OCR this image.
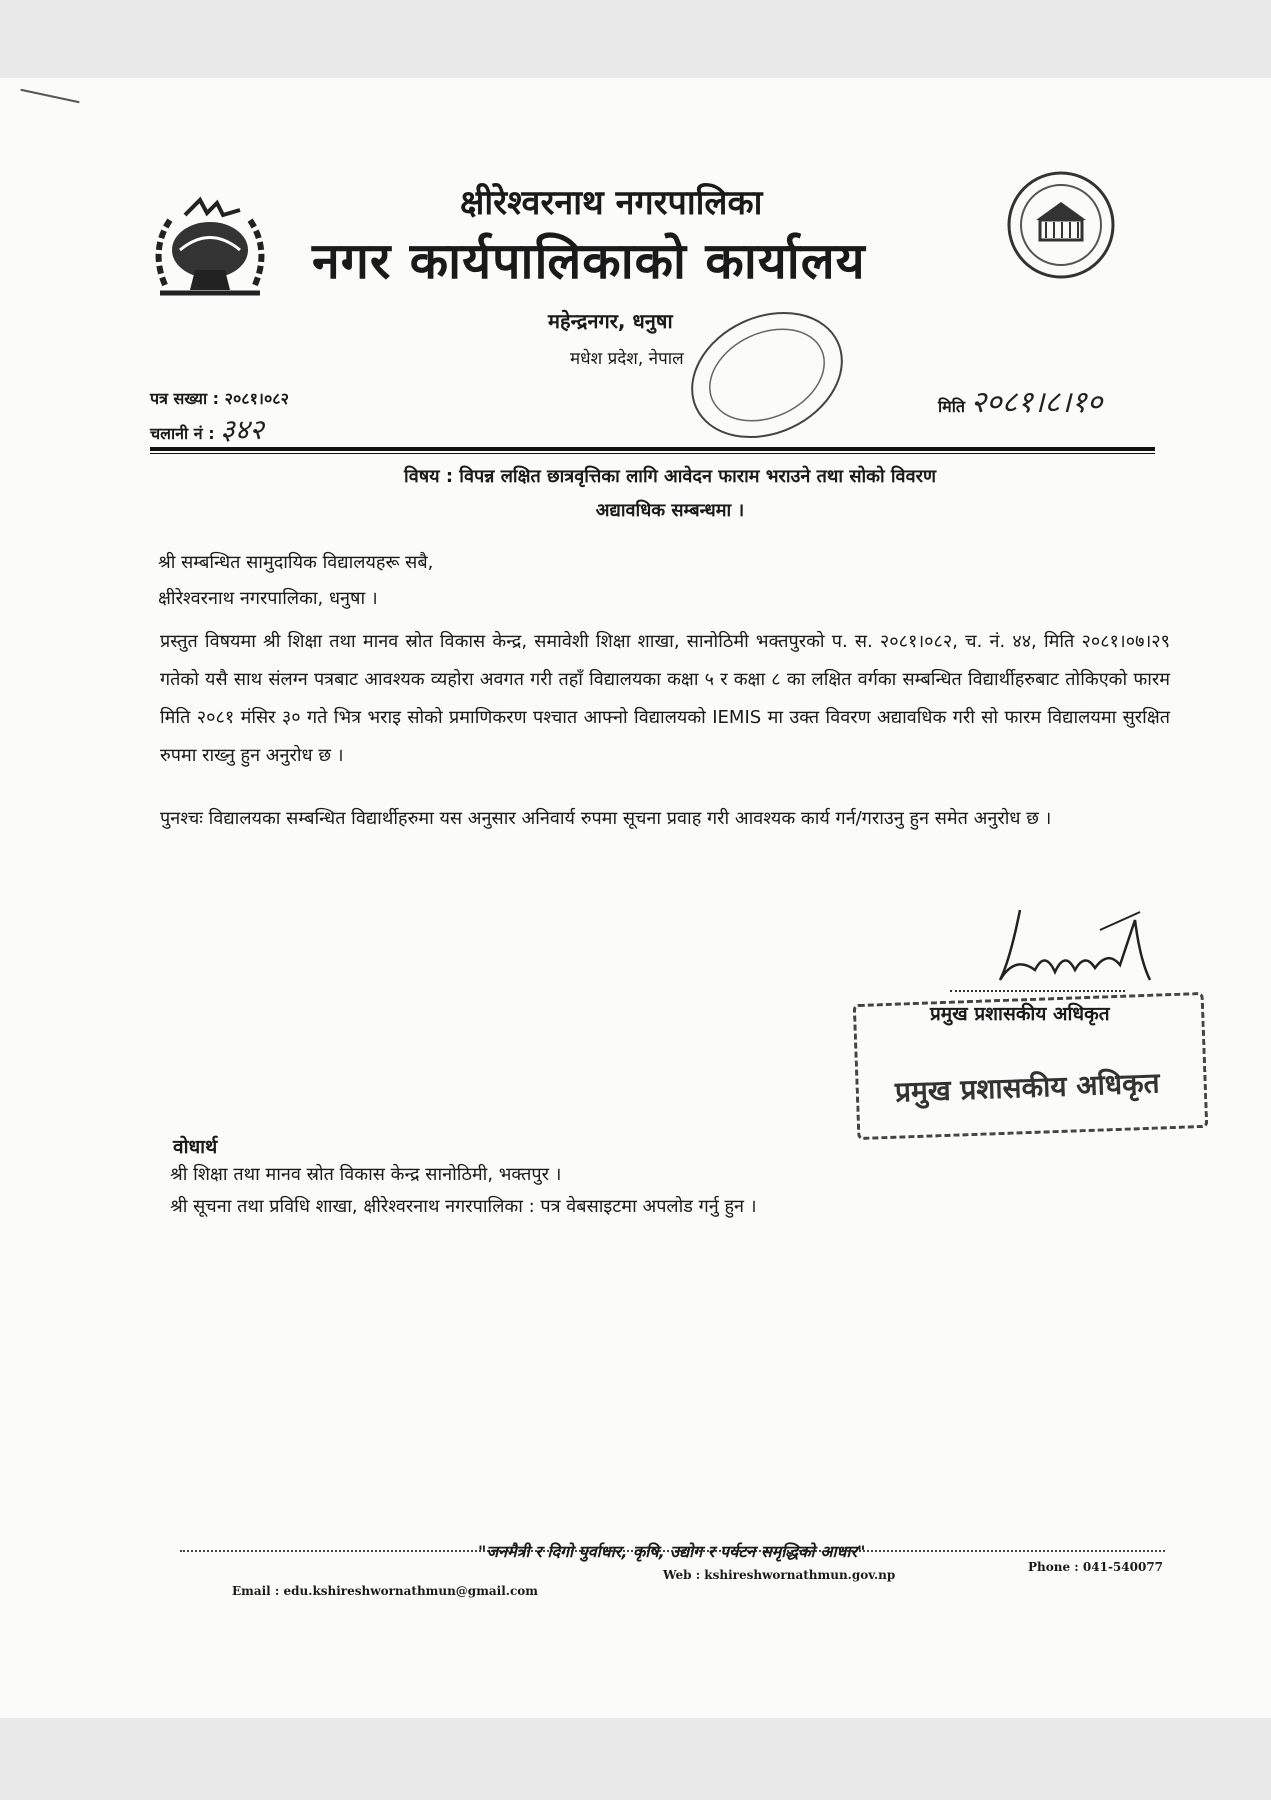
क्षीरेश्वरनाथ नगरपालिका
नगर कार्यपालिकाको कार्यालय
महेन्द्रनगर, धनुषा
मधेश प्रदेश, नेपाल
पत्र सख्या : २०८१।०८२
चलानी नं : ३४२
मिति २०८१।८।१०
विषय : विपन्न लक्षित छात्रवृत्तिका लागि आवेदन फाराम भराउने तथा सोको विवरण
अद्यावधिक सम्बन्धमा ।
श्री सम्बन्धित सामुदायिक विद्यालयहरू सबै,
क्षीरेश्वरनाथ नगरपालिका, धनुषा ।
प्रस्तुत विषयमा श्री शिक्षा तथा मानव स्रोत विकास केन्द्र, समावेशी शिक्षा शाखा, सानोठिमी भक्तपुरको प. स. २०८१।०८२, च. नं. ४४, मिति २०८१।०७।२९ गतेको यसै साथ संलग्न पत्रबाट आवश्यक व्यहोरा अवगत गरी तहाँ विद्यालयका कक्षा ५ र कक्षा ८ का लक्षित वर्गका सम्बन्धित विद्यार्थीहरुबाट तोकिएको फारम मिति २०८१ मंसिर ३० गते भित्र भराइ सोको प्रमाणिकरण पश्चात आफ्नो विद्यालयको IEMIS मा उक्त विवरण अद्यावधिक गरी सो फारम विद्यालयमा सुरक्षित रुपमा राख्नु हुन अनुरोध छ ।
पुनश्चः विद्यालयका सम्बन्धित विद्यार्थीहरुमा यस अनुसार अनिवार्य रुपमा सूचना प्रवाह गरी आवश्यक कार्य गर्न/गराउनु हुन समेत अनुरोध छ ।
प्रमुख प्रशासकीय अधिकृत
प्रमुख प्रशासकीय अधिकृत
वोधार्थ
श्री शिक्षा तथा मानव स्रोत विकास केन्द्र सानोठिमी, भक्तपुर ।
श्री सूचना तथा प्रविधि शाखा, क्षीरेश्वरनाथ नगरपालिका : पत्र वेबसाइटमा अपलोड गर्नु हुन ।
"जनमैत्री र दिगो पुर्वाधार, कृषि, उद्योग र पर्यटन समृद्धिको आधार"
Email : edu.kshireshwornathmun@gmail.com
Web : kshireshwornathmun.gov.np
Phone : 041-540077
